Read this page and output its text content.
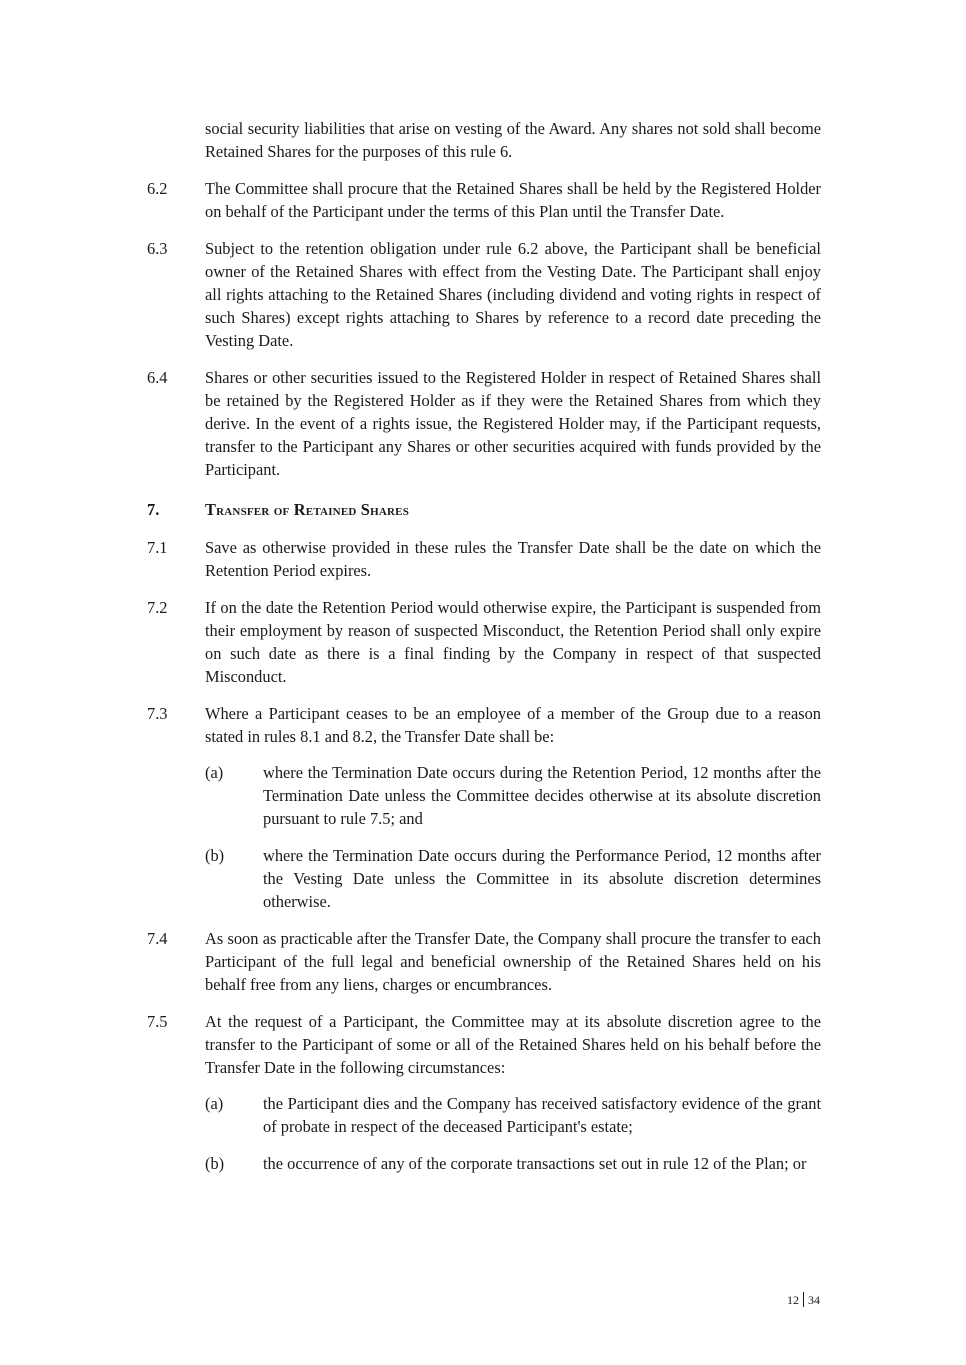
social security liabilities that arise on vesting of the Award. Any shares not sold shall become Retained Shares for the purposes of this rule 6.
6.2	The Committee shall procure that the Retained Shares shall be held by the Registered Holder on behalf of the Participant under the terms of this Plan until the Transfer Date.
6.3	Subject to the retention obligation under rule 6.2 above, the Participant shall be beneficial owner of the Retained Shares with effect from the Vesting Date. The Participant shall enjoy all rights attaching to the Retained Shares (including dividend and voting rights in respect of such Shares) except rights attaching to Shares by reference to a record date preceding the Vesting Date.
6.4	Shares or other securities issued to the Registered Holder in respect of Retained Shares shall be retained by the Registered Holder as if they were the Retained Shares from which they derive. In the event of a rights issue, the Registered Holder may, if the Participant requests, transfer to the Participant any Shares or other securities acquired with funds provided by the Participant.
7.	Transfer of Retained Shares
7.1	Save as otherwise provided in these rules the Transfer Date shall be the date on which the Retention Period expires.
7.2	If on the date the Retention Period would otherwise expire, the Participant is suspended from their employment by reason of suspected Misconduct, the Retention Period shall only expire on such date as there is a final finding by the Company in respect of that suspected Misconduct.
7.3	Where a Participant ceases to be an employee of a member of the Group due to a reason stated in rules 8.1 and 8.2, the Transfer Date shall be:
(a) where the Termination Date occurs during the Retention Period, 12 months after the Termination Date unless the Committee decides otherwise at its absolute discretion pursuant to rule 7.5; and
(b) where the Termination Date occurs during the Performance Period, 12 months after the Vesting Date unless the Committee in its absolute discretion determines otherwise.
7.4	As soon as practicable after the Transfer Date, the Company shall procure the transfer to each Participant of the full legal and beneficial ownership of the Retained Shares held on his behalf free from any liens, charges or encumbrances.
7.5	At the request of a Participant, the Committee may at its absolute discretion agree to the transfer to the Participant of some or all of the Retained Shares held on his behalf before the Transfer Date in the following circumstances:
(a) the Participant dies and the Company has received satisfactory evidence of the grant of probate in respect of the deceased Participant's estate;
(b) the occurrence of any of the corporate transactions set out in rule 12 of the Plan; or
12 34
